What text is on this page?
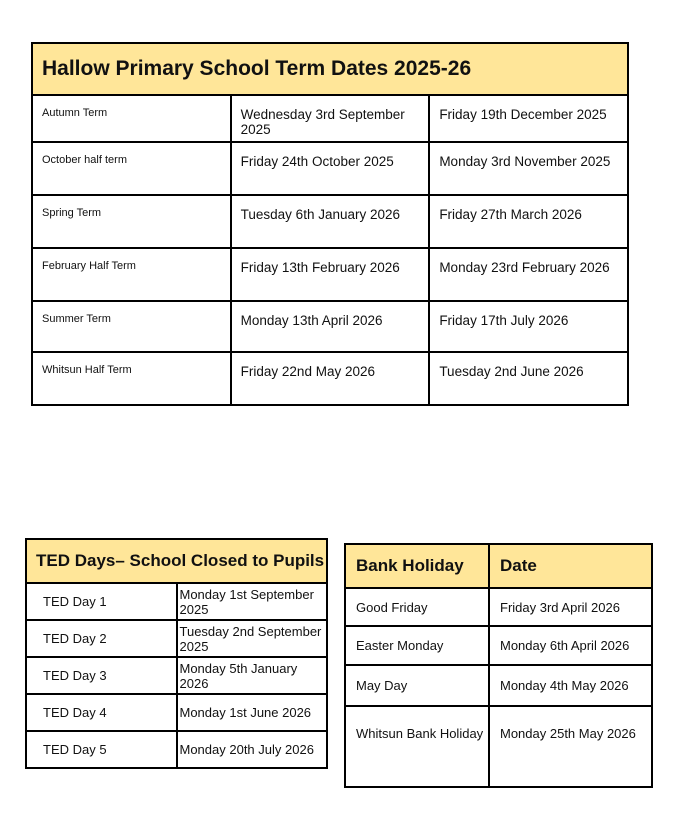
Hallow Primary School Term Dates 2025-26		
Autumn Term	Wednesday 3rd September 2025	Friday 19th December 2025
October half term	Friday 24th October 2025	Monday 3rd November 2025
Spring Term	Tuesday 6th January 2026	Friday 27th March 2026
February Half Term	Friday 13th February 2026	Monday 23rd February 2026
Summer Term	Monday 13th April 2026	Friday 17th July 2026
Whitsun Half Term	Friday 22nd May 2026	Tuesday 2nd June 2026
TED Days– School Closed to Pupils	
TED Day 1	Monday 1st September 2025
TED Day 2	Tuesday 2nd September 2025
TED Day 3	Monday 5th January 2026
TED Day 4	Monday 1st June 2026
TED Day 5	Monday 20th July 2026
Bank Holiday	Date
Good Friday	Friday 3rd April 2026
Easter Monday	Monday 6th April 2026
May Day	Monday 4th May 2026
Whitsun Bank Holiday	Monday 25th May 2026
